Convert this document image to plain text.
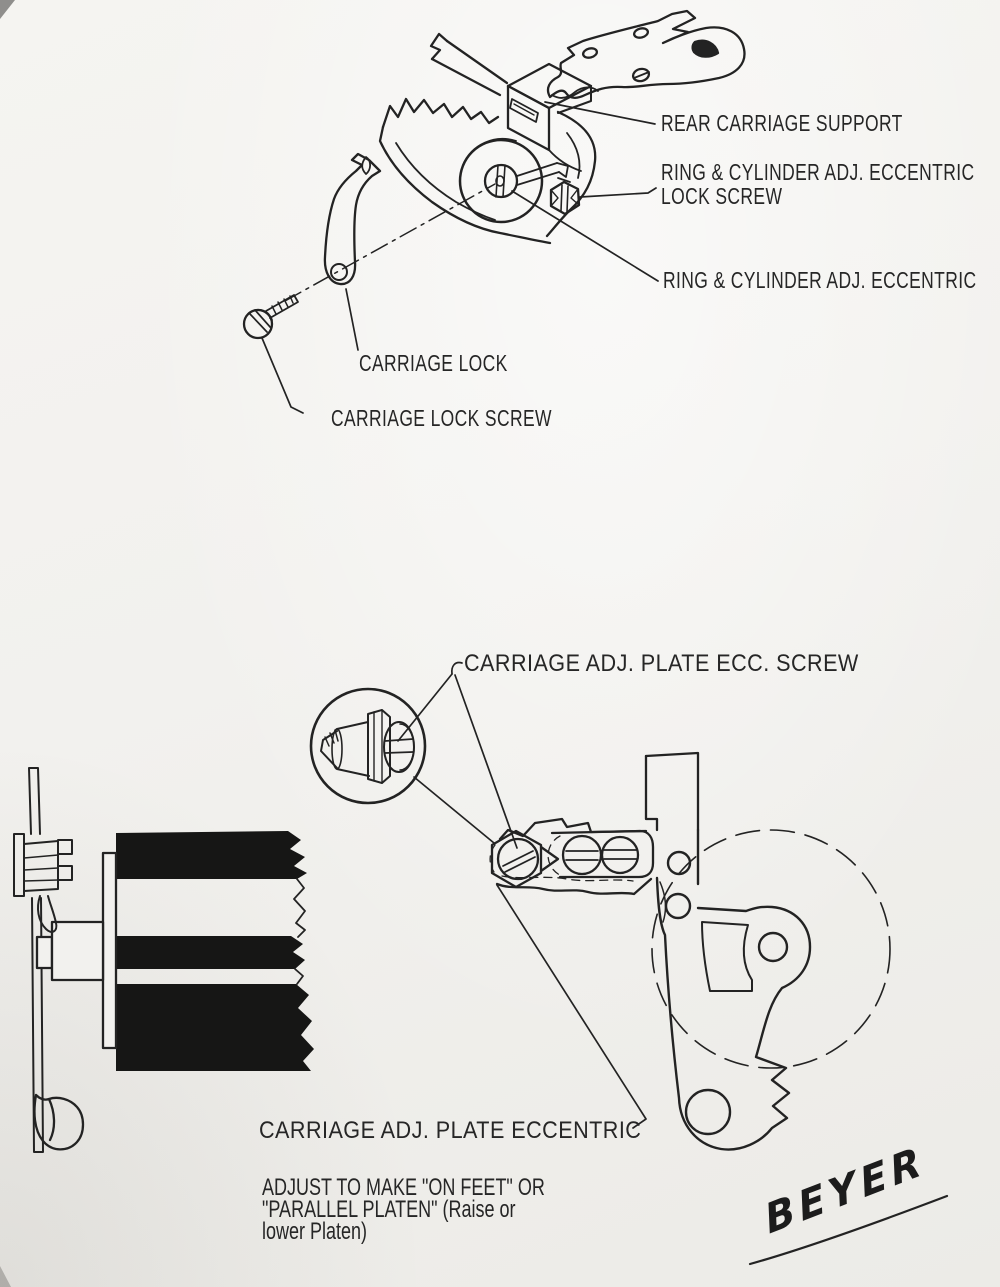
REAR CARRIAGE SUPPORT
RING & CYLINDER ADJ. ECCENTRIC
LOCK SCREW
RING & CYLINDER ADJ. ECCENTRIC
CARRIAGE LOCK
CARRIAGE LOCK SCREW
CARRIAGE ADJ. PLATE ECC. SCREW
CARRIAGE ADJ. PLATE ECCENTRIC
ADJUST TO MAKE "ON FEET" OR
"PARALLEL PLATEN" (Raise or
lower Platen)	BEYER
